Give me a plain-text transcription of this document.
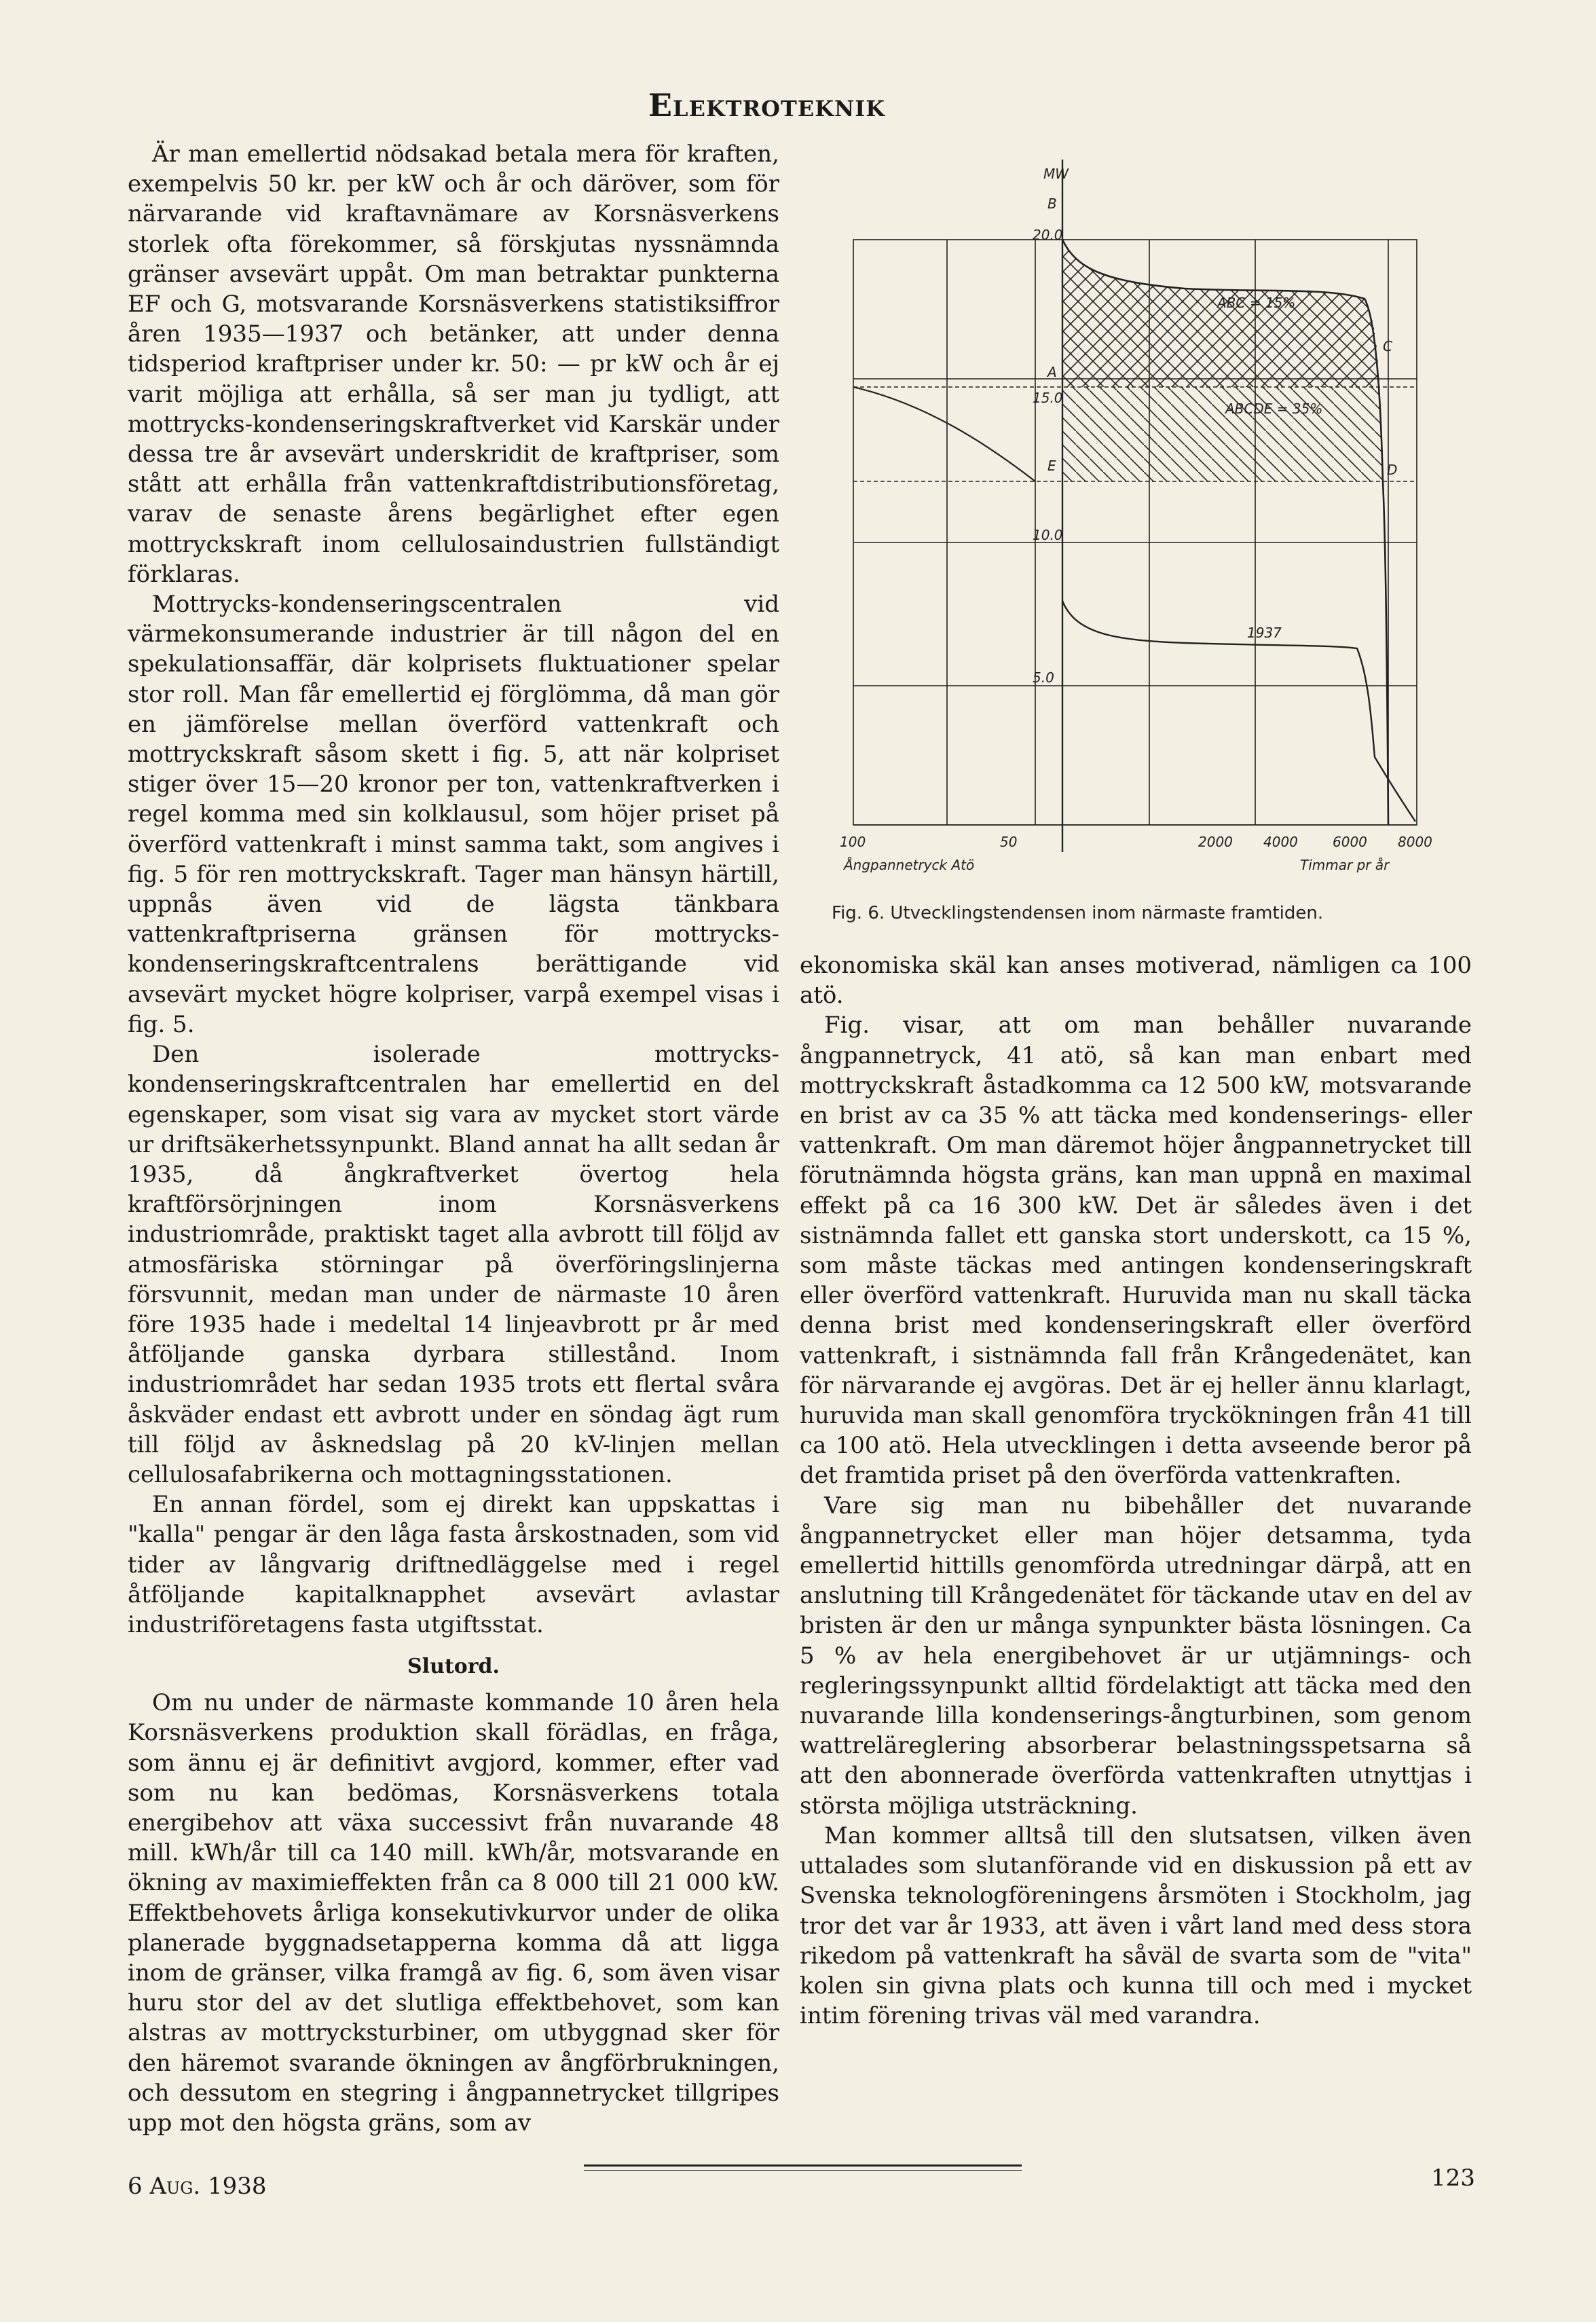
Elektroteknik

Är man emellertid nödsakad betala mera för kraften, exempelvis 50 kr. per kW och år och däröver, som för närvarande vid kraftavnämare av Korsnäsverkens storlek ofta förekommer, så förskjutas nyssnämnda gränser avsevärt uppåt. Om man betraktar punkterna EF och G, motsvarande Korsnäsverkens statistiksiffror åren 1935—1937 och betänker, att under denna tidsperiod kraftpriser under kr. 50: — pr kW och år ej varit möjliga att erhålla, så ser man ju tydligt, att mottrycks-kondenseringskraftverket vid Karskär under dessa tre år avsevärt underskridit de kraftpriser, som stått att erhålla från vattenkraftdistributionsföretag, varav de senaste årens begärlighet efter egen mottryckskraft inom cellulosaindustrien fullständigt förklaras.

Mottrycks-kondenseringscentralen vid värmekonsumerande industrier är till någon del en spekulationsaffär, där kolprisets fluktuationer spelar stor roll. Man får emellertid ej förglömma, då man gör en jämförelse mellan överförd vattenkraft och mottryckskraft såsom skett i fig. 5, att när kolpriset stiger över 15—20 kronor per ton, vattenkraftverken i regel komma med sin kolklausul, som höjer priset på överförd vattenkraft i minst samma takt, som angives i fig. 5 för ren mottryckskraft. Tager man hänsyn härtill, uppnås även vid de lägsta tänkbara vattenkraftpriserna gränsen för mottrycks-kondenseringskraftcentralens berättigande vid avsevärt mycket högre kolpriser, varpå exempel visas i fig. 5.

Den isolerade mottrycks-kondenseringskraftcentralen har emellertid en del egenskaper, som visat sig vara av mycket stort värde ur driftsäkerhetssynpunkt. Bland annat ha allt sedan år 1935, då ångkraftverket övertog hela kraftförsörjningen inom Korsnäsverkens industriområde, praktiskt taget alla avbrott till följd av atmosfäriska störningar på överföringslinjerna försvunnit, medan man under de närmaste 10 åren före 1935 hade i medeltal 14 linjeavbrott pr år med åtföljande ganska dyrbara stillestånd. Inom industriområdet har sedan 1935 trots ett flertal svåra åskväder endast ett avbrott under en söndag ägt rum till följd av åsknedslag på 20 kV-linjen mellan cellulosafabrikerna och mottagningsstationen.

En annan fördel, som ej direkt kan uppskattas i "kalla" pengar är den låga fasta årskostnaden, som vid tider av långvarig driftnedläggelse med i regel åtföljande kapitalknapphet avsevärt avlastar industriföretagens fasta utgiftsstat.

Slutord.

Om nu under de närmaste kommande 10 åren hela Korsnäsverkens produktion skall förädlas, en fråga, som ännu ej är definitivt avgjord, kommer, efter vad som nu kan bedömas, Korsnäsverkens totala energibehov att växa successivt från nuvarande 48 mill. kWh/år till ca 140 mill. kWh/år, motsvarande en ökning av maximieffekten från ca 8 000 till 21 000 kW. Effektbehovets årliga konsekutivkurvor under de olika planerade byggnadsetapperna komma då att ligga inom de gränser, vilka framgå av fig. 6, som även visar huru stor del av det slutliga effektbehovet, som kan alstras av mottrycksturbiner, om utbyggnad sker för den häremot svarande ökningen av ångförbrukningen, och dessutom en stegring i ångpannetrycket tillgripes upp mot den högsta gräns, som av

MW
B
20.0
A
15.0
C
E	D
10.0
5.0
ABC = 15%
ABCDE = 35%
1937
100	50	2000 4000	6000 8000
Ångpannetryck Atö	Timmar pr år
Fig. 6. Utvecklingstendensen inom närmaste framtiden.

ekonomiska skäl kan anses motiverad, nämligen ca 100 atö.

Fig. visar, att om man behåller nuvarande ångpannetryck, 41 atö, så kan man enbart med mottryckskraft åstadkomma ca 12 500 kW, motsvarande en brist av ca 35 % att täcka med kondenserings- eller vattenkraft. Om man däremot höjer ångpannetrycket till förutnämnda högsta gräns, kan man uppnå en maximal effekt på ca 16 300 kW. Det är således även i det sistnämnda fallet ett ganska stort underskott, ca 15 %, som måste täckas med antingen kondenseringskraft eller överförd vattenkraft. Huruvida man nu skall täcka denna brist med kondenseringskraft eller överförd vattenkraft, i sistnämnda fall från Krångedenätet, kan för närvarande ej avgöras. Det är ej heller ännu klarlagt, huruvida man skall genomföra tryckökningen från 41 till ca 100 atö. Hela utvecklingen i detta avseende beror på det framtida priset på den överförda vattenkraften.

Vare sig man nu bibehåller det nuvarande ångpannetrycket eller man höjer detsamma, tyda emellertid hittills genomförda utredningar därpå, att en anslutning till Krångedenätet för täckande utav en del av bristen är den ur många synpunkter bästa lösningen. Ca 5 % av hela energibehovet är ur utjämnings- och regleringssynpunkt alltid fördelaktigt att täcka med den nuvarande lilla kondenserings-ångturbinen, som genom wattreläreglering absorberar belastningsspetsarna så att den abonnerade överförda vattenkraften utnyttjas i största möjliga utsträckning.

Man kommer alltså till den slutsatsen, vilken även uttalades som slutanförande vid en diskussion på ett av Svenska teknologföreningens årsmöten i Stockholm, jag tror det var år 1933, att även i vårt land med dess stora rikedom på vattenkraft ha såväl de svarta som de "vita" kolen sin givna plats och kunna till och med i mycket intim förening trivas väl med varandra.

6 Aug. 1938	123
